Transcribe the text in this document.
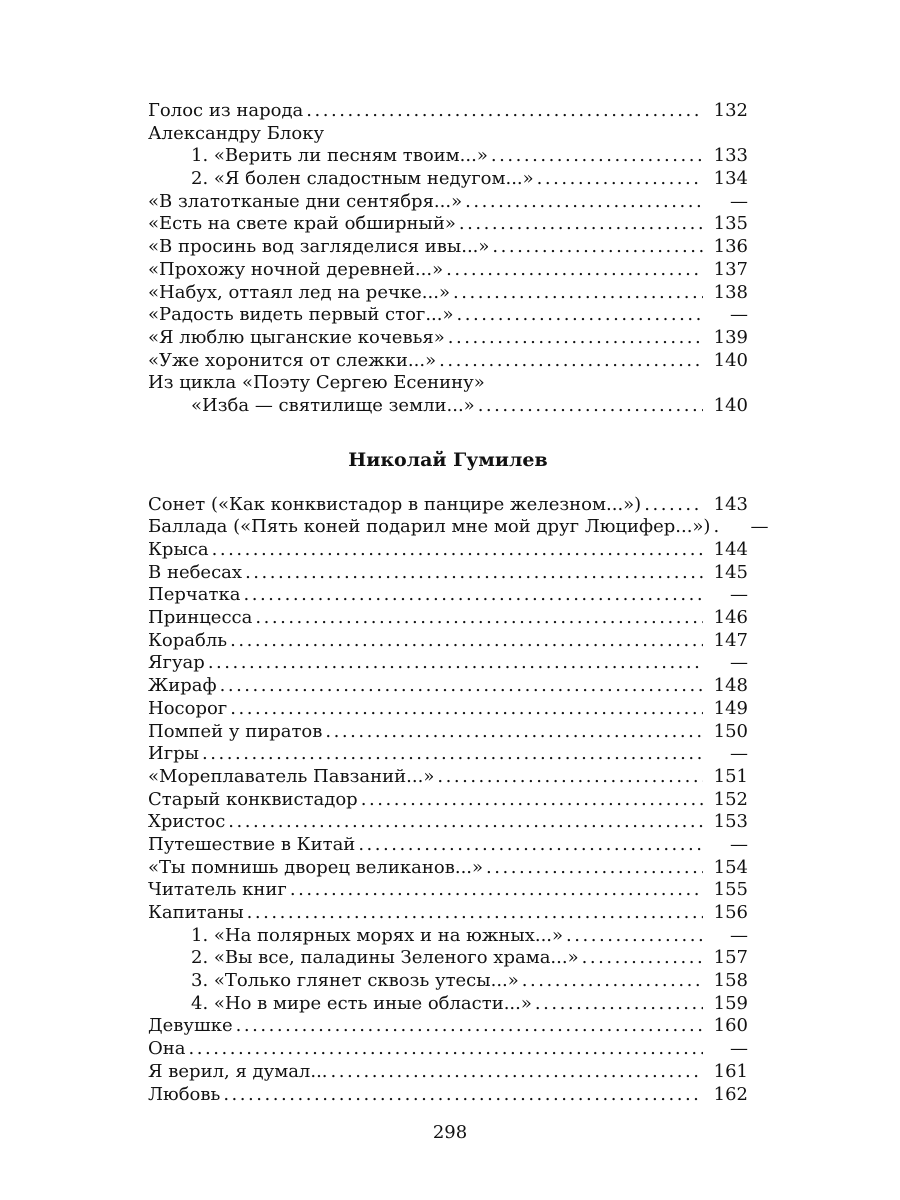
Голос из народа . . .	132
Александру Блоку
1. «Верить ли песням твоим...» . . .	133
2. «Я болен сладостным недугом...» . . .	134
«В златотканые дни сентября...» . . .	—
«Есть на свете край обширный» . . .	135
«В просинь вод загляделися ивы...» . . .	136
«Прохожу ночной деревней...» . . .	137
«Набух, оттаял лед на речке...» . . .	138
«Радость видеть первый стог...» . . .	—
«Я люблю цыганские кочевья» . . .	139
«Уже хоронится от слежки...» . . .	140
Из цикла «Поэту Сергею Есенину»
«Изба — святилище земли...» . . .	140
Николай Гумилев
Сонет («Как конквистадор в панцире железном...») . . .	143
Баллада («Пять коней подарил мне мой друг Люцифер...») . . .	—
Крыса . . .	144
В небесах . . .	145
Перчатка . . .	—
Принцесса . . .	146
Корабль . . .	147
Ягуар . . .	—
Жираф . . .	148
Носорог . . .	149
Помпей у пиратов . . .	150
Игры . . .	—
«Мореплаватель Павзаний...» . . .	151
Старый конквистадор . . .	152
Христос . . .	153
Путешествие в Китай . . .	—
«Ты помнишь дворец великанов...» . . .	154
Читатель книг . . .	155
Капитаны . . .	156
1. «На полярных морях и на южных...» . . .	—
2. «Вы все, паладины Зеленого храма...» . . .	157
3. «Только глянет сквозь утесы...» . . .	158
4. «Но в мире есть иные области...» . . .	159
Девушке . . .	160
Она . . .	—
Я верил, я думал... . . .	161
Любовь . . .	162
298
